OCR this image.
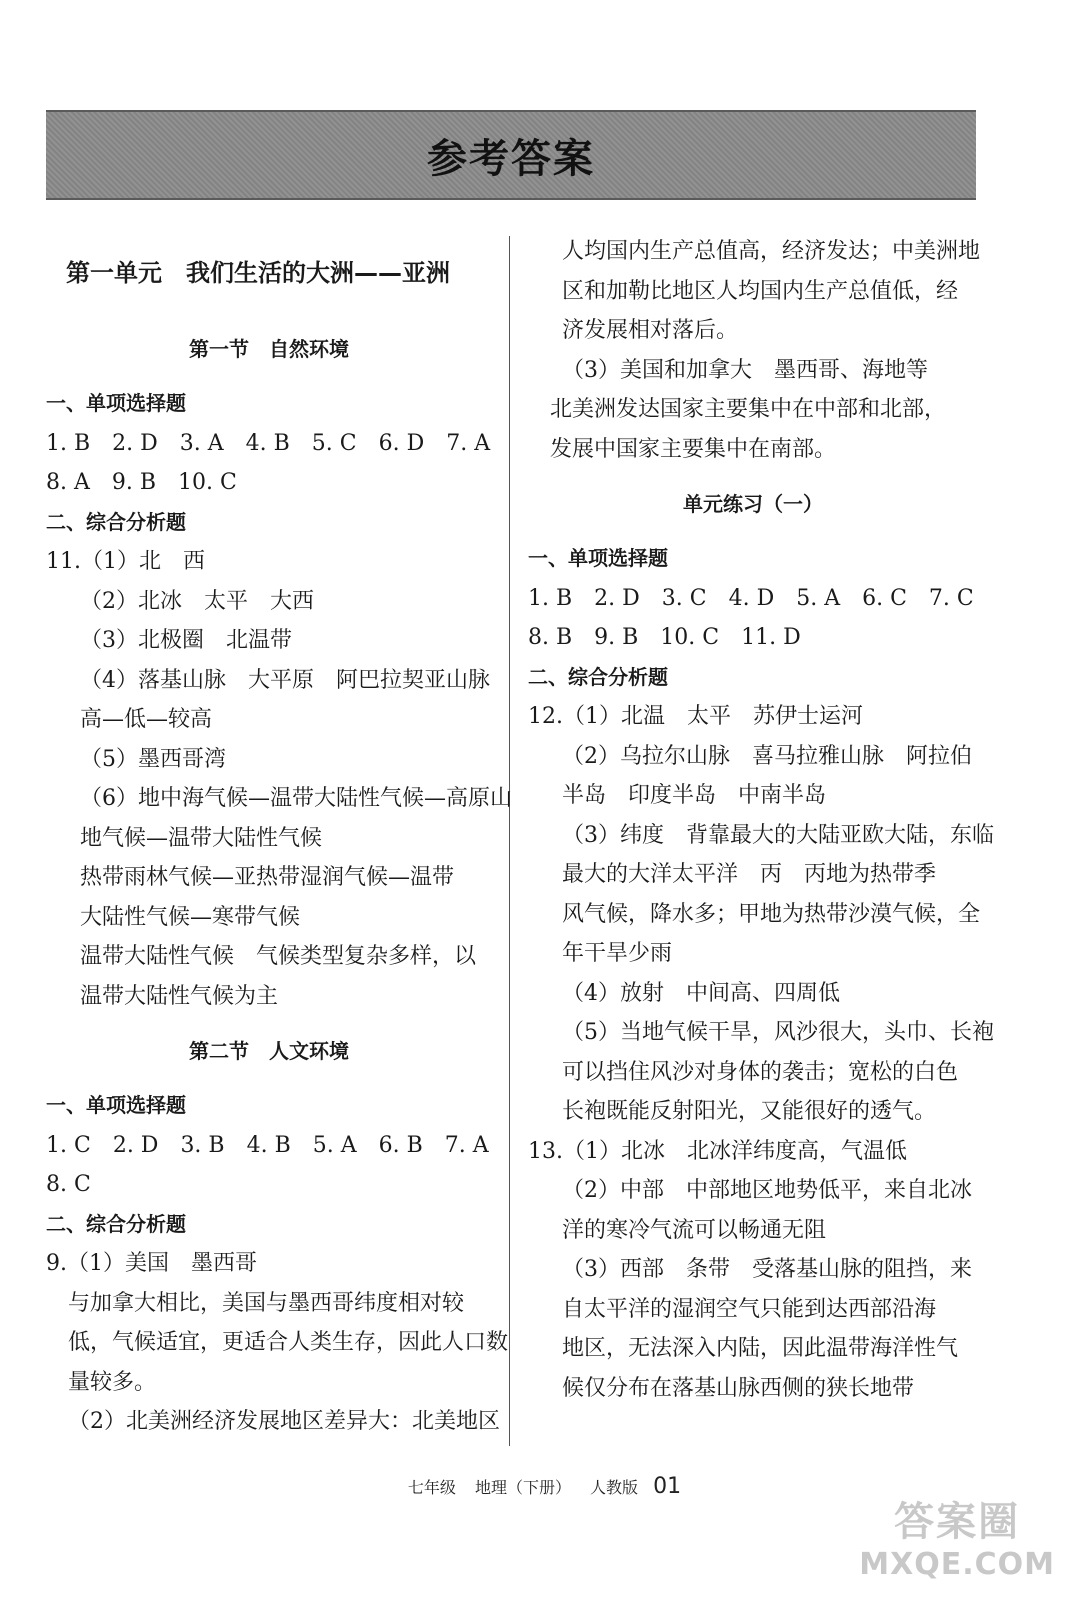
参考答案
第一单元　我们生活的大洲——亚洲
第一节　自然环境
一、单项选择题
1. B　2. D　3. A　4. B　5. C　6. D　7. A
8. A　9. B　10. C
二、综合分析题
11.（1）北　西
（2）北冰　太平　大西
（3）北极圈　北温带
（4）落基山脉　大平原　阿巴拉契亚山脉
高—低—较高
（5）墨西哥湾
（6）地中海气候—温带大陆性气候—高原山
地气候—温带大陆性气候
热带雨林气候—亚热带湿润气候—温带
大陆性气候—寒带气候
温带大陆性气候　气候类型复杂多样，以
温带大陆性气候为主
第二节　人文环境
一、单项选择题
1. C　2. D　3. B　4. B　5. A　6. B　7. A
8. C
二、综合分析题
9.（1）美国　墨西哥
与加拿大相比，美国与墨西哥纬度相对较
低，气候适宜，更适合人类生存，因此人口数
量较多。
（2）北美洲经济发展地区差异大：北美地区
人均国内生产总值高，经济发达；中美洲地
区和加勒比地区人均国内生产总值低，经
济发展相对落后。
（3）美国和加拿大　墨西哥、海地等
北美洲发达国家主要集中在中部和北部，
发展中国家主要集中在南部。
单元练习（一）
一、单项选择题
1. B　2. D　3. C　4. D　5. A　6. C　7. C
8. B　9. B　10. C　11. D
二、综合分析题
12.（1）北温　太平　苏伊士运河
（2）乌拉尔山脉　喜马拉雅山脉　阿拉伯
半岛　印度半岛　中南半岛
（3）纬度　背靠最大的大陆亚欧大陆，东临
最大的大洋太平洋　丙　丙地为热带季
风气候，降水多；甲地为热带沙漠气候，全
年干旱少雨
（4）放射　中间高、四周低
（5）当地气候干旱，风沙很大，头巾、长袍
可以挡住风沙对身体的袭击；宽松的白色
长袍既能反射阳光，又能很好的透气。
13.（1）北冰　北冰洋纬度高，气温低
（2）中部　中部地区地势低平，来自北冰
洋的寒冷气流可以畅通无阻
（3）西部　条带　受落基山脉的阻挡，来
自太平洋的湿润空气只能到达西部沿海
地区，无法深入内陆，因此温带海洋性气
候仅分布在落基山脉西侧的狭长地带
七年级 地理（下册） 人教版 01
答案圈
MXQE.COM
